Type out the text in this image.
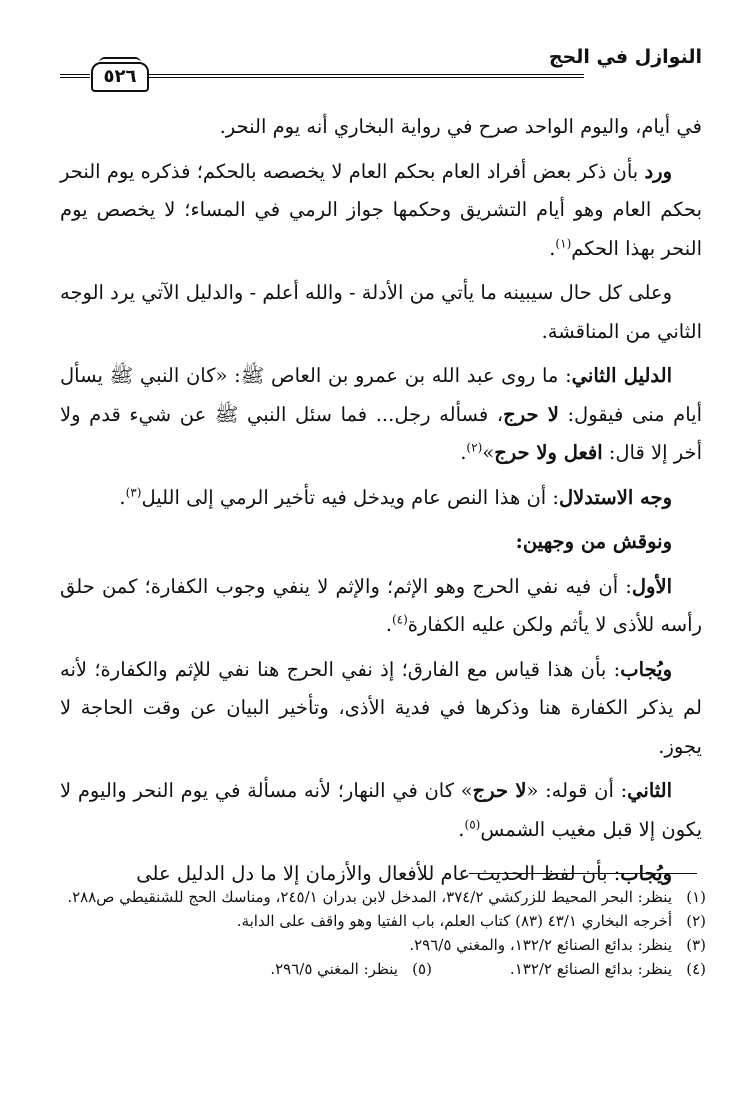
النوازل في الحج
٥٢٦

في أيام، واليوم الواحد صرح في رواية البخاري أنه يوم النحر.

ورد بأن ذكر بعض أفراد العام بحكم العام لا يخصصه بالحكم؛ فذكره يوم النحر بحكم العام وهو أيام التشريق وحكمها جواز الرمي في المساء؛ لا يخصص يوم النحر بهذا الحكم$^{(١)}$.

وعلى كل حال سيبينه ما يأتي من الأدلة - والله أعلم - والدليل الآتي يرد الوجه الثاني من المناقشة.

الدليل الثاني: ما روى عبد الله بن عمرو بن العاص ﷺ: «كان النبي ﷺ يسأل أيام منى فيقول: لا حرج، فسأله رجل... فما سئل النبي ﷺ عن شيء قدم ولا أخر إلا قال: افعل ولا حرج»$^{(٢)}$.

وجه الاستدلال: أن هذا النص عام ويدخل فيه تأخير الرمي إلى الليل$^{(٣)}$.

ونوقش من وجهين:

الأول: أن فيه نفي الحرج وهو الإثم؛ والإثم لا ينفي وجوب الكفارة؛ كمن حلق رأسه للأذى لا يأثم ولكن عليه الكفارة$^{(٤)}$.

ويُجاب: بأن هذا قياس مع الفارق؛ إذ نفي الحرج هنا نفي للإثم والكفارة؛ لأنه لم يذكر الكفارة هنا وذكرها في فدية الأذى، وتأخير البيان عن وقت الحاجة لا يجوز.

الثاني: أن قوله: «لا حرج» كان في النهار؛ لأنه مسألة في يوم النحر واليوم لا يكون إلا قبل مغيب الشمس$^{(٥)}$.

ويُجاب: بأن لفظ الحديث عام للأفعال والأزمان إلا ما دل الدليل على

(١)
ينظر: البحر المحيط للزركشي ٣٧٤/٢، المدخل لابن بدران ٢٤٥/١، ومناسك الحج للشنقيطي ص٢٨٨.

(٢)
أخرجه البخاري ٤٣/١ (٨٣) كتاب العلم، باب الفتيا وهو واقف على الدابة.

(٣)
ينظر: بدائع الصنائع ١٣٢/٢، والمغني ٢٩٦/٥.

(٤)
ينظر: بدائع الصنائع ١٣٢/٢.

(٥)
ينظر: المغني ٢٩٦/٥.
